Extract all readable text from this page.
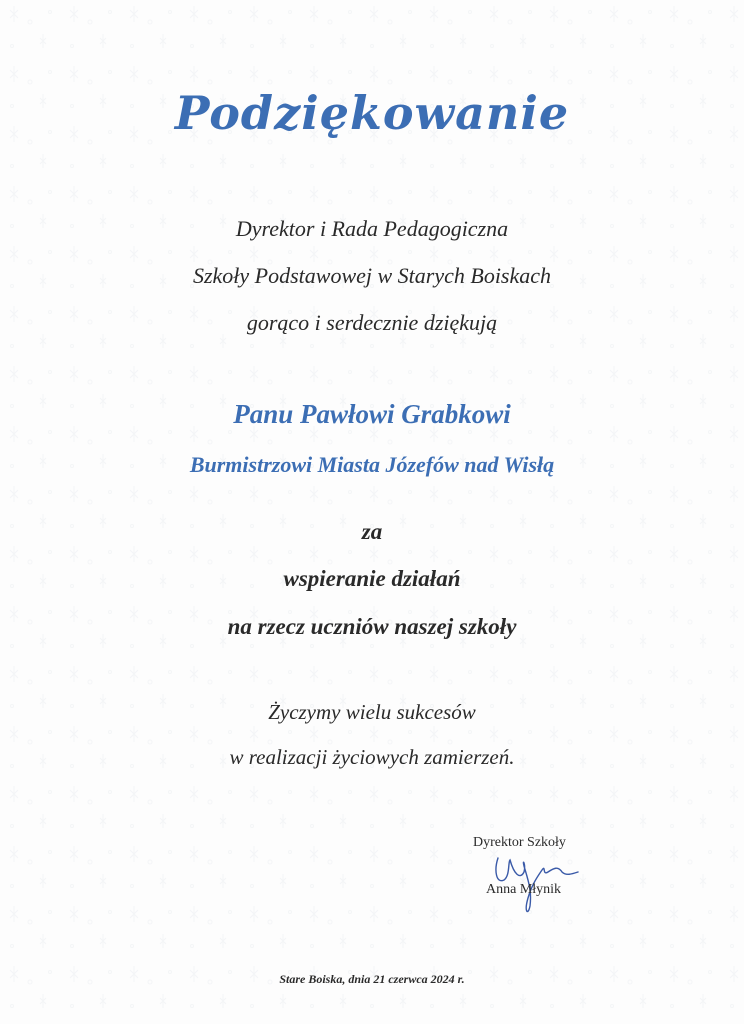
Podziękowanie
Dyrektor i Rada Pedagogiczna
Szkoły Podstawowej w Starych Boiskach
gorąco i serdecznie dziękują
Panu Pawłowi Grabkowi
Burmistrzowi Miasta Józefów nad Wisłą
za
wspieranie działań
na rzecz uczniów naszej szkoły
Życzymy wielu sukcesów
w realizacji życiowych zamierzeń.
Dyrektor Szkoły
Anna Młynik
Stare Boiska, dnia 21 czerwca 2024 r.
